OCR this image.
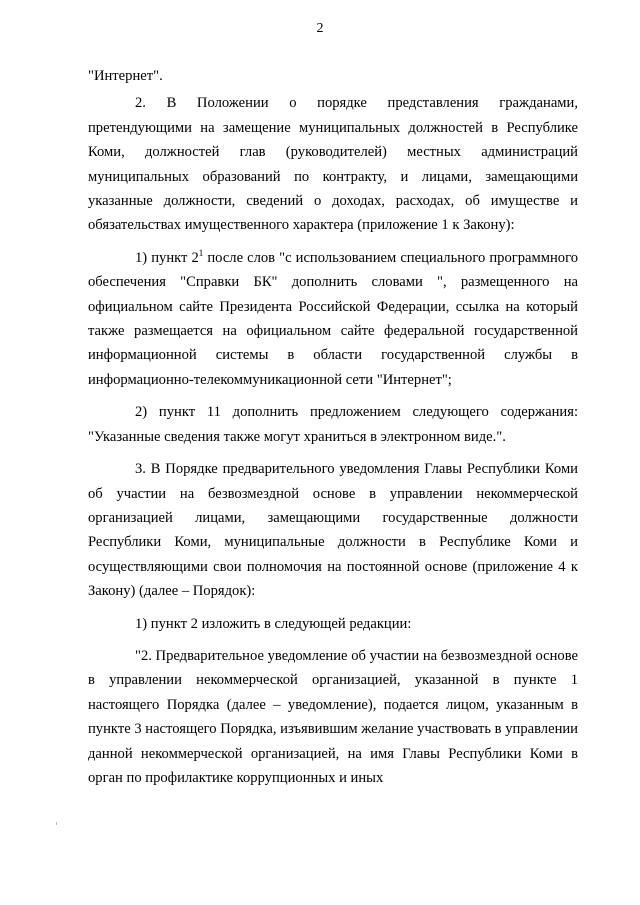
2

"Интернет".

2. В Положении о порядке представления гражданами, претендующими на замещение муниципальных должностей в Республике Коми, должностей глав (руководителей) местных администраций муниципальных образований по контракту, и лицами, замещающими указанные должности, сведений о доходах, расходах, об имуществе и обязательствах имущественного характера (приложение 1 к Закону):

1) пункт $2^1$ после слов "с использованием специального программного обеспечения "Справки БК" дополнить словами ", размещенного на официальном сайте Президента Российской Федерации, ссылка на который также размещается на официальном сайте федеральной государственной информационной системы в области государственной службы в информационно-телекоммуникационной сети "Интернет";

2) пункт 11 дополнить предложением следующего содержания: "Указанные сведения также могут храниться в электронном виде.".

3. В Порядке предварительного уведомления Главы Республики Коми об участии на безвозмездной основе в управлении некоммерческой организацией лицами, замещающими государственные должности Республики Коми, муниципальные должности в Республике Коми и осуществляющими свои полномочия на постоянной основе (приложение 4 к Закону) (далее – Порядок):

1) пункт 2 изложить в следующей редакции:

"2. Предварительное уведомление об участии на безвозмездной основе в управлении некоммерческой организацией, указанной в пункте 1 настоящего Порядка (далее – уведомление), подается лицом, указанным в пункте 3 настоящего Порядка, изъявившим желание участвовать в управлении данной некоммерческой организацией, на имя Главы Республики Коми в орган по профилактике коррупционных и иных
